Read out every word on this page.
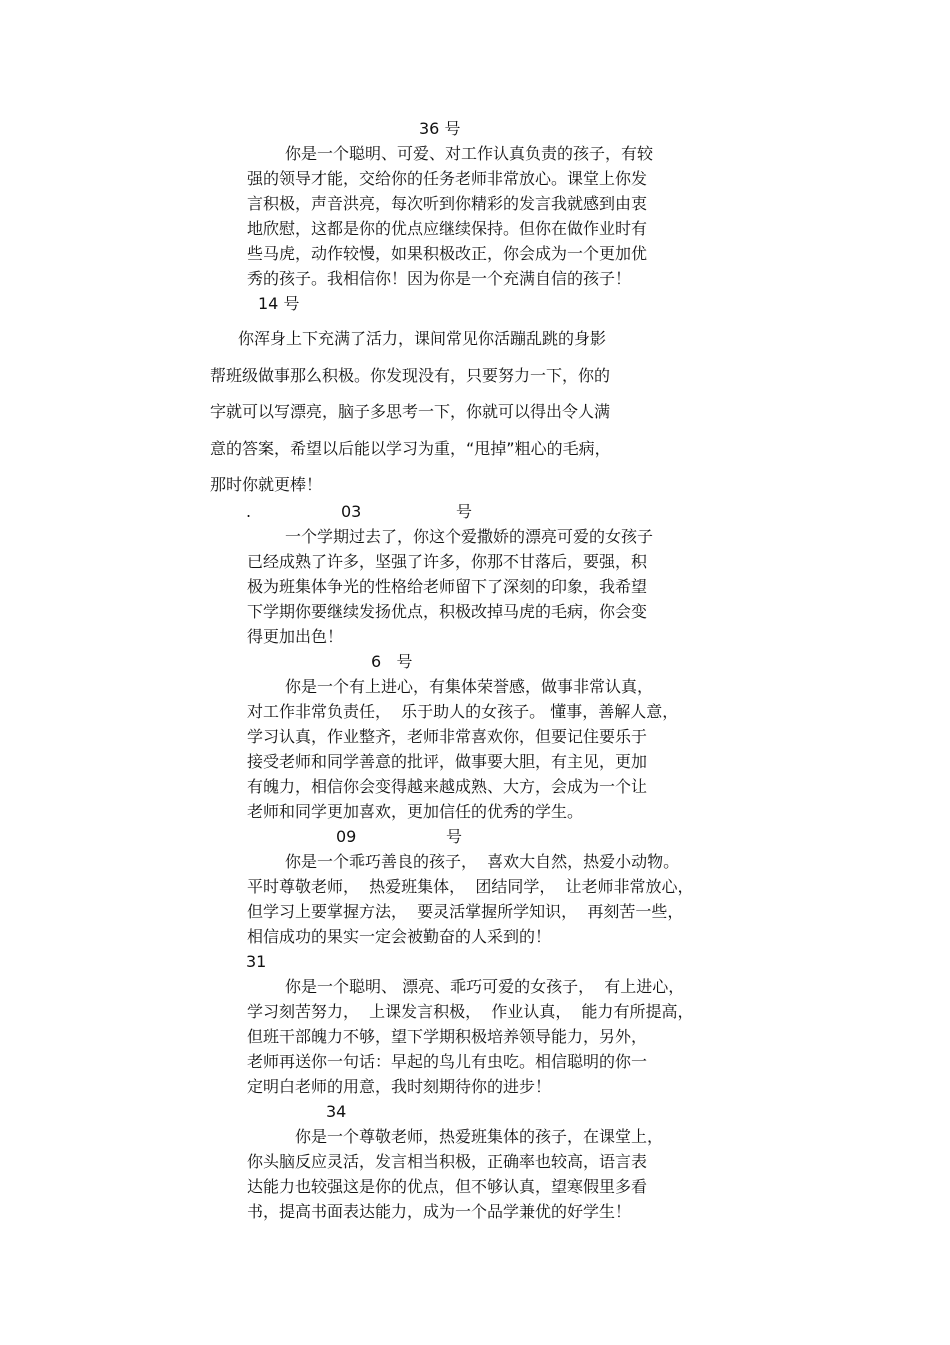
36 号
你是一个聪明、可爱、对工作认真负责的孩子，有较
强的领导才能，交给你的任务老师非常放心。课堂上你发
言积极，声音洪亮，每次听到你精彩的发言我就感到由衷
地欣慰，这都是你的优点应继续保持。但你在做作业时有
些马虎，动作较慢，如果积极改正，你会成为一个更加优
秀的孩子。我相信你！因为你是一个充满自信的孩子！
14 号
你浑身上下充满了活力，课间常见你活蹦乱跳的身影
帮班级做事那么积极。你发现没有，只要努力一下，你的
字就可以写漂亮，脑子多思考一下，你就可以得出令人满
意的答案，希望以后能以学习为重，“甩掉”粗心的毛病，
那时你就更棒！
.	03	号
一个学期过去了，你这个爱撒娇的漂亮可爱的女孩子
已经成熟了许多，坚强了许多，你那不甘落后，要强，积
极为班集体争光的性格给老师留下了深刻的印象，我希望
下学期你要继续发扬优点，积极改掉马虎的毛病，你会变
得更加出色！
6   号
你是一个有上进心，有集体荣誉感，做事非常认真，
对工作非常负责任，  乐于助人的女孩子。 懂事，善解人意，
学习认真，作业整齐，老师非常喜欢你，但要记住要乐于
接受老师和同学善意的批评，做事要大胆，有主见，更加
有魄力，相信你会变得越来越成熟、大方，会成为一个让
老师和同学更加喜欢，更加信任的优秀的学生。
09	号
你是一个乖巧善良的孩子，  喜欢大自然，热爱小动物。
平时尊敬老师，  热爱班集体，  团结同学，  让老师非常放心，
但学习上要掌握方法，  要灵活掌握所学知识，  再刻苦一些，
相信成功的果实一定会被勤奋的人采到的！
31
你是一个聪明、 漂亮、乖巧可爱的女孩子，  有上进心，
学习刻苦努力，  上课发言积极，  作业认真，  能力有所提高，
但班干部魄力不够，望下学期积极培养领导能力，另外，
老师再送你一句话：早起的鸟儿有虫吃。相信聪明的你一
定明白老师的用意，我时刻期待你的进步！
34
你是一个尊敬老师，热爱班集体的孩子，在课堂上，
你头脑反应灵活，发言相当积极，正确率也较高，语言表
达能力也较强这是你的优点，但不够认真，望寒假里多看
书，提高书面表达能力，成为一个品学兼优的好学生！
